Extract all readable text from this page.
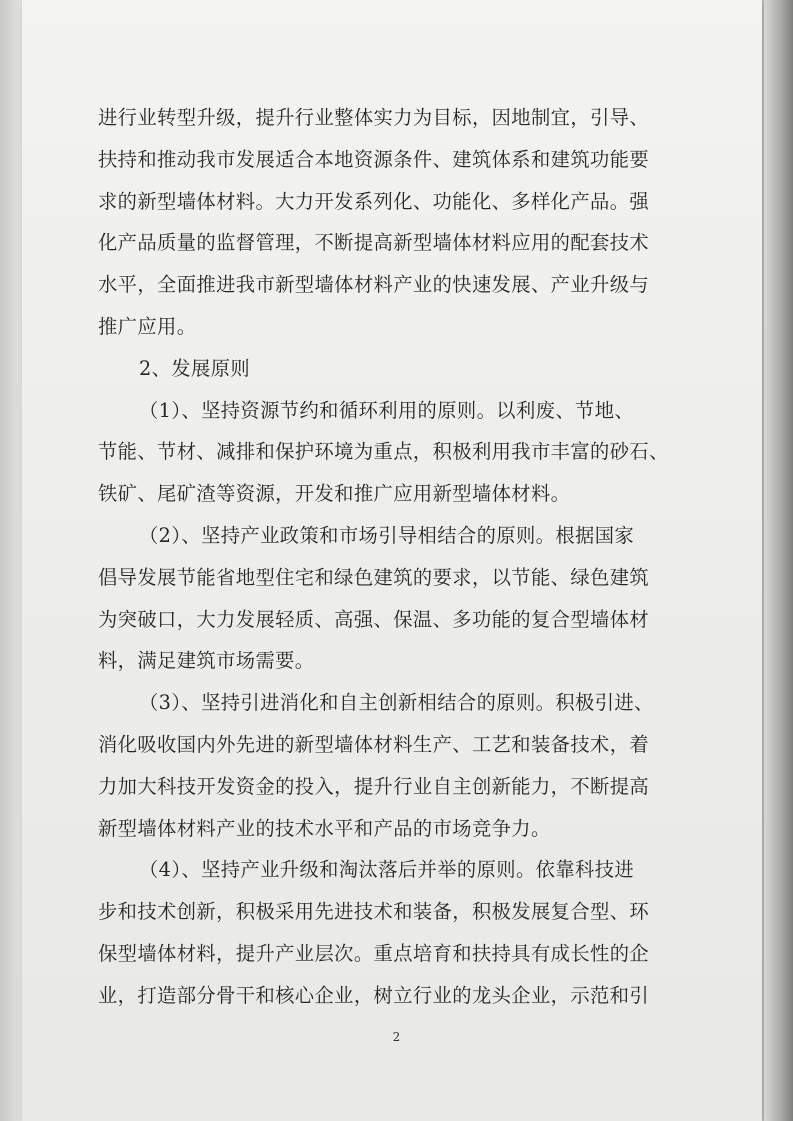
进行业转型升级，提升行业整体实力为目标，因地制宜，引导、
扶持和推动我市发展适合本地资源条件、建筑体系和建筑功能要
求的新型墙体材料。大力开发系列化、功能化、多样化产品。强
化产品质量的监督管理，不断提高新型墙体材料应用的配套技术
水平，全面推进我市新型墙体材料产业的快速发展、产业升级与
推广应用。
2、发展原则
（1）、坚持资源节约和循环利用的原则。以利废、节地、
节能、节材、减排和保护环境为重点，积极利用我市丰富的砂石、
铁矿、尾矿渣等资源，开发和推广应用新型墙体材料。
（2）、坚持产业政策和市场引导相结合的原则。根据国家
倡导发展节能省地型住宅和绿色建筑的要求，以节能、绿色建筑
为突破口，大力发展轻质、高强、保温、多功能的复合型墙体材
料，满足建筑市场需要。
（3）、坚持引进消化和自主创新相结合的原则。积极引进、
消化吸收国内外先进的新型墙体材料生产、工艺和装备技术，着
力加大科技开发资金的投入，提升行业自主创新能力，不断提高
新型墙体材料产业的技术水平和产品的市场竞争力。
（4）、坚持产业升级和淘汰落后并举的原则。依靠科技进
步和技术创新，积极采用先进技术和装备，积极发展复合型、环
保型墙体材料，提升产业层次。重点培育和扶持具有成长性的企
业，打造部分骨干和核心企业，树立行业的龙头企业，示范和引
2
